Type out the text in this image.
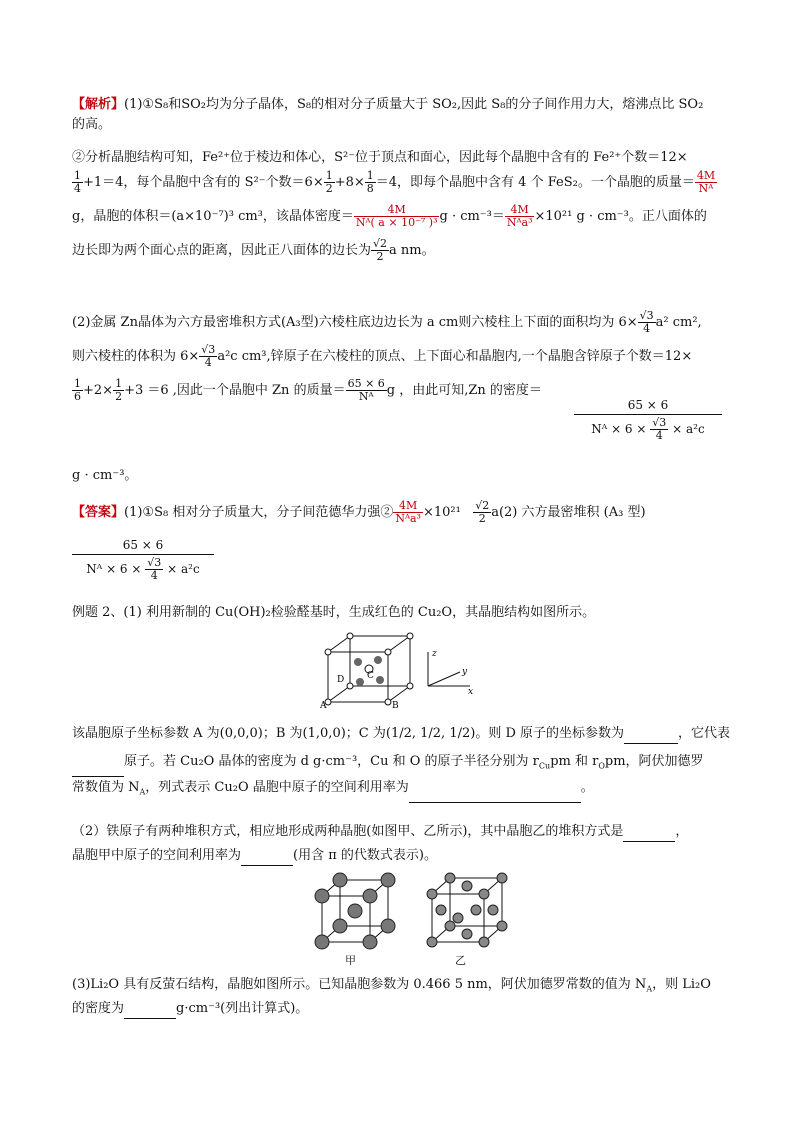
【解析】(1)①S₈和SO₂均为分子晶体，S₈的相对分子质量大于 SO₂,因此 S₈的分子间作用力大，熔沸点比 SO₂
的高。
②分析晶胞结构可知，Fe²⁺位于棱边和体心，S²⁻位于顶点和面心，因此每个晶胞中含有的 Fe²⁺个数＝12×
$\frac{1}{4} +1=4$，每个晶胞中含有的 S²⁻个数$=6\times \frac{1}{2} +8\times \frac{1}{8} =4$，即每个晶胞中含有 4 个 FeS₂。一个晶胞的质量＝ $\frac{4M}{\text{Nᴬ}}$
g，晶胞的体积＝(a×10⁻⁷)³ cm³，该晶体密度＝ $\frac{4M}{\text{Nᴬ( a × 10⁻⁷ )³}}$ $g \cdot cm^{-3}= \frac{4M}{\text{Nᴬa³}} \times 10^{21}$ g · cm⁻³。正八面体的
边长即为两个面心点的距离，因此正八面体的边长为 $\frac{√2}{2}$ a nm。
(2)金属 Zn晶体为六方最密堆积方式(A₃型)六棱柱底边边长为 a cm则六棱柱上下面的面积均为 $6\times \frac{√3}{4} a^2$ cm²,
则六棱柱的体积为 $6\times \frac{√3}{4} a^2c$ cm³,锌原子在六棱柱的顶点、上下面心和晶胞内,一个晶胞含锌原子个数＝12×
$\frac{1}{6} +2\times \frac{1}{2} +3 =6$ ,因此一个晶胞中 Zn 的质量＝ $\frac{65 \times 6}{\text{Nᴬ}}$ g ，由此可知,Zn 的密度＝
65 × 6
Nᴬ × $6 \times \frac{√3}{4} \times a^2c$
g · cm⁻³。
【答案】(1)①S₈ 相对分子质量大，分子间范德华力强② $\frac{4M}{\text{Nᴬa³}} \times 10^{21} \frac{√2}{2} a(2)$ 六方最密堆积 (A₃ 型)
65 × 6
Nᴬ × $6 \times \frac{√3}{4} \times a^2c$
例题 2、(1) 利用新制的 Cu(OH)₂检验醛基时，生成红色的 Cu₂O，其晶胞结构如图所示。
A	B
C
D
z
y
x
该晶胞原子坐标参数 A 为(0,0,0)；B 为(1,0,0)；C 为(1/2, 1/2, 1/2)。则 D 原子的坐标参数为	，它代表
原子。若 Cu₂O 晶体的密度为 d g·cm⁻³，Cu 和 O 的原子半径分别为 $r_{Cu}pm$ 和 $r_Opm$，阿伏加德罗
常数值为 $N_A$，列式表示 Cu₂O 晶胞中原子的空间利用率为	。
（2）铁原子有两种堆积方式，相应地形成两种晶胞(如图甲、乙所示)，其中晶胞乙的堆积方式是	，
晶胞甲中原子的空间利用率为	(用含 π 的代数式表示)。
甲	乙
(3)Li₂O 具有反萤石结构，晶胞如图所示。已知晶胞参数为 0.466 5 nm，阿伏加德罗常数的值为 $N_A$，则 Li₂O
的密度为	g·cm⁻³(列出计算式)。
